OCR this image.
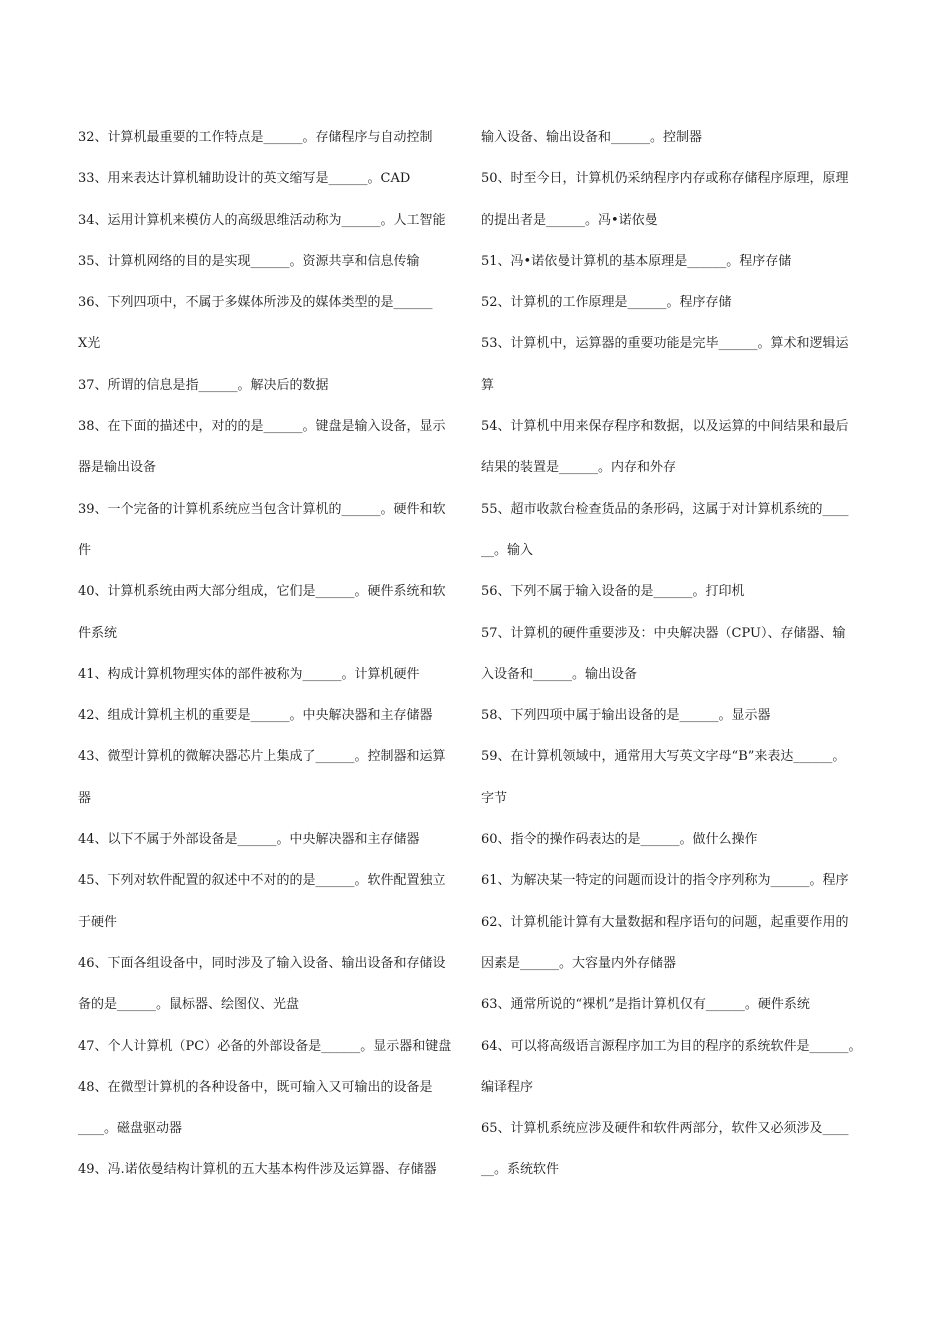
32、计算机最重要的工作特点是______。存储程序与自动控制
33、用来表达计算机辅助设计的英文缩写是______。CAD
34、运用计算机来模仿人的高级思维活动称为______。人工智能
35、计算机网络的目的是实现______。资源共享和信息传输
36、下列四项中，不属于多媒体所涉及的媒体类型的是______
X光
37、所谓的信息是指______。解决后的数据
38、在下面的描述中，对的的是______。键盘是输入设备，显示
器是输出设备
39、一个完备的计算机系统应当包含计算机的______。硬件和软
件
40、计算机系统由两大部分组成，它们是______。硬件系统和软
件系统
41、构成计算机物理实体的部件被称为______。计算机硬件
42、组成计算机主机的重要是______。中央解决器和主存储器
43、微型计算机的微解决器芯片上集成了______。控制器和运算
器
44、以下不属于外部设备是______。中央解决器和主存储器
45、下列对软件配置的叙述中不对的的是______。软件配置独立
于硬件
46、下面各组设备中，同时涉及了输入设备、输出设备和存储设
备的是______。鼠标器、绘图仪、光盘
47、个人计算机（PC）必备的外部设备是______。显示器和键盘
48、在微型计算机的各种设备中，既可输入又可输出的设备是
____。磁盘驱动器
49、冯.诺依曼结构计算机的五大基本构件涉及运算器、存储器
输入设备、输出设备和______。控制器
50、时至今日，计算机仍采纳程序内存或称存储程序原理，原理
的提出者是______。冯•诺依曼
51、冯•诺依曼计算机的基本原理是______。程序存储
52、计算机的工作原理是______。程序存储
53、计算机中，运算器的重要功能是完毕______。算术和逻辑运
算
54、计算机中用来保存程序和数据，以及运算的中间结果和最后
结果的装置是______。内存和外存
55、超市收款台检查货品的条形码，这属于对计算机系统的____
__。输入
56、下列不属于输入设备的是______。打印机
57、计算机的硬件重要涉及：中央解决器（CPU）、存储器、输
入设备和______。输出设备
58、下列四项中属于输出设备的是______。显示器
59、在计算机领域中，通常用大写英文字母“B”来表达______。
字节
60、指令的操作码表达的是______。做什么操作
61、为解决某一特定的问题而设计的指令序列称为______。程序
62、计算机能计算有大量数据和程序语句的问题，起重要作用的
因素是______。大容量内外存储器
63、通常所说的“裸机”是指计算机仅有______。硬件系统
64、可以将高级语言源程序加工为目的程序的系统软件是______。
编译程序
65、计算机系统应涉及硬件和软件两部分，软件又必须涉及____
__。系统软件
